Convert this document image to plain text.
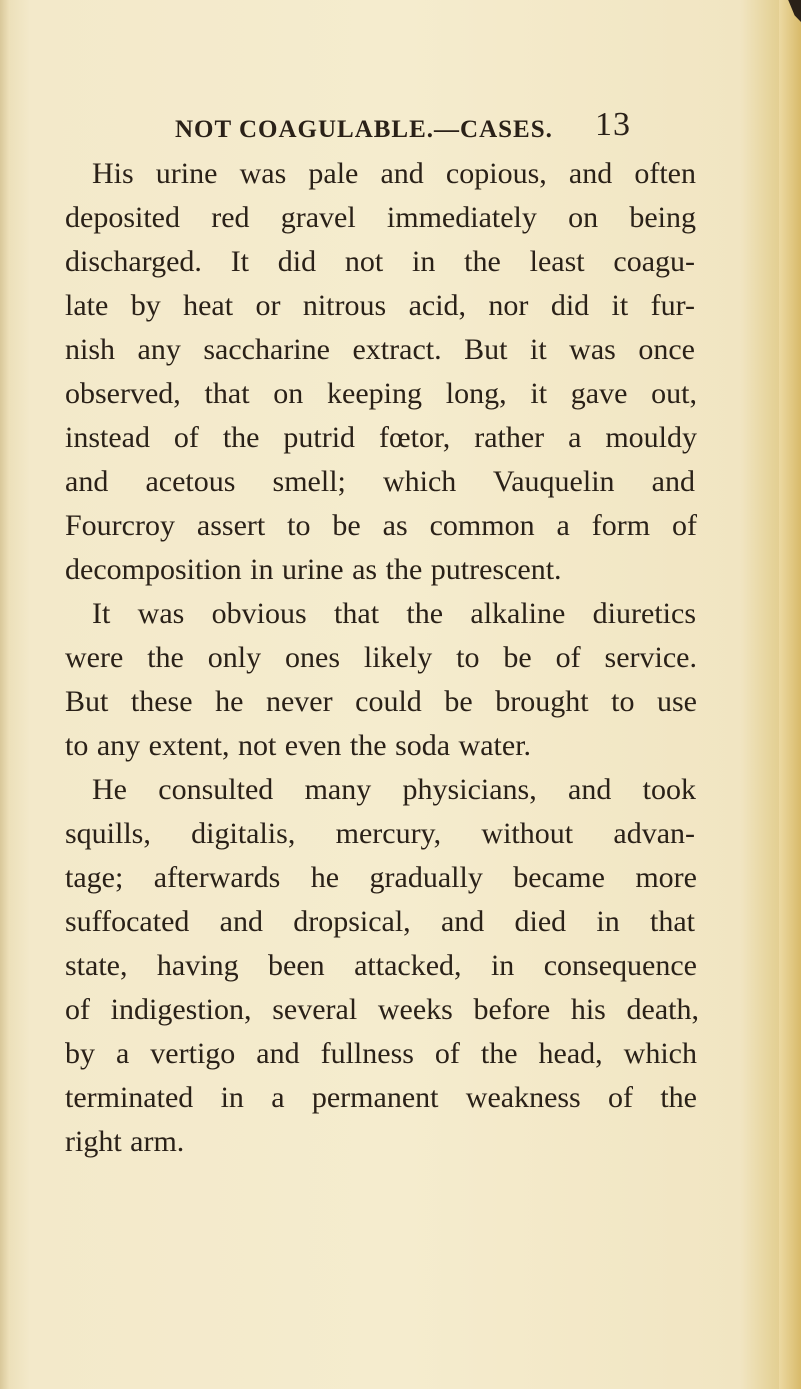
NOT COAGULABLE.—CASES. 13
His urine was pale and copious, and often
deposited red gravel immediately on being
discharged. It did not in the least coagu-
late by heat or nitrous acid, nor did it fur-
nish any saccharine extract. But it was once
observed, that on keeping long, it gave out,
instead of the putrid fœtor, rather a mouldy
and acetous smell; which Vauquelin and
Fourcroy assert to be as common a form of
decomposition in urine as the putrescent.
It was obvious that the alkaline diuretics
were the only ones likely to be of service.
But these he never could be brought to use
to any extent, not even the soda water.
He consulted many physicians, and took
squills, digitalis, mercury, without advan-
tage; afterwards he gradually became more
suffocated and dropsical, and died in that
state, having been attacked, in consequence
of indigestion, several weeks before his death,
by a vertigo and fullness of the head, which
terminated in a permanent weakness of the
right arm.
